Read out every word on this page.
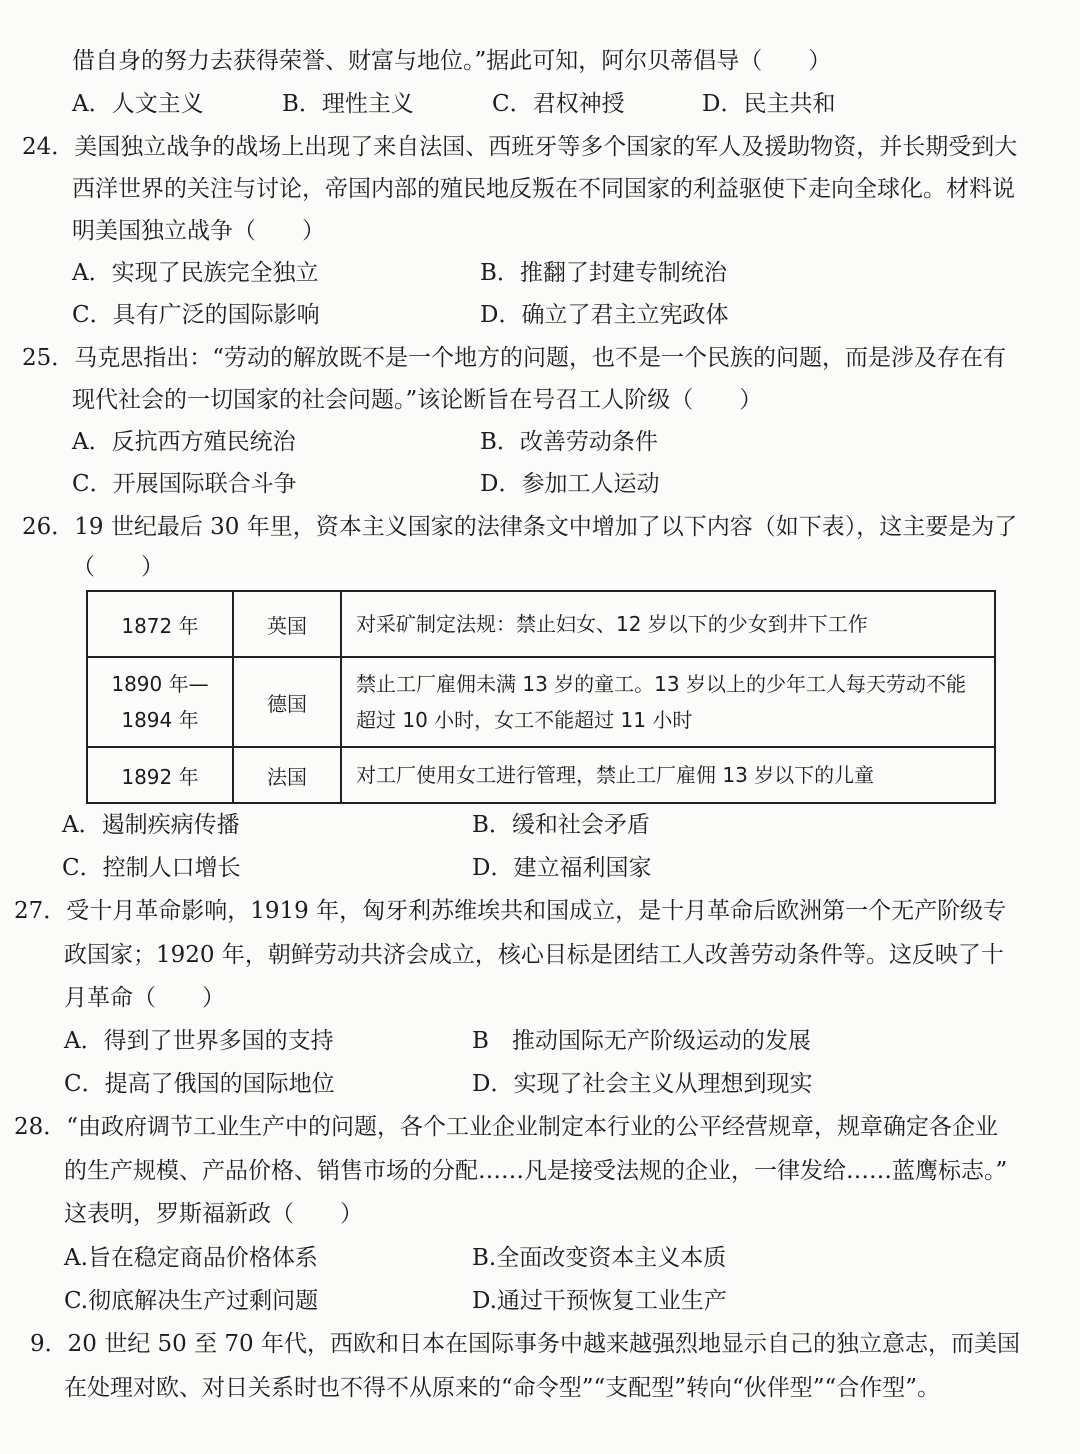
借自身的努力去获得荣誉、财富与地位。”据此可知，阿尔贝蒂倡导（　　）
A．人文主义	B．理性主义	C．君权神授	D．民主共和
24．美国独立战争的战场上出现了来自法国、西班牙等多个国家的军人及援助物资，并长期受到大
西洋世界的关注与讨论，帝国内部的殖民地反叛在不同国家的利益驱使下走向全球化。材料说
明美国独立战争（　　）
A．实现了民族完全独立	B．推翻了封建专制统治
C．具有广泛的国际影响	D．确立了君主立宪政体
25．马克思指出：“劳动的解放既不是一个地方的问题，也不是一个民族的问题，而是涉及存在有
现代社会的一切国家的社会问题。”该论断旨在号召工人阶级（　　）
A．反抗西方殖民统治	B．改善劳动条件
C．开展国际联合斗争	D．参加工人运动
26．19 世纪最后 30 年里，资本主义国家的法律条文中增加了以下内容（如下表），这主要是为了
（　　）
1872 年	英国	对采矿制定法规：禁止妇女、12 岁以下的少女到井下工作
1890 年—1894 年	德国	禁止工厂雇佣未满 13 岁的童工。13 岁以上的少年工人每天劳动不能超过 10 小时，女工不能超过 11 小时
1892 年	法国	对工厂使用女工进行管理，禁止工厂雇佣 13 岁以下的儿童
A．遏制疾病传播	B．缓和社会矛盾
C．控制人口增长	D．建立福利国家
27．受十月革命影响，1919 年，匈牙利苏维埃共和国成立，是十月革命后欧洲第一个无产阶级专
政国家；1920 年，朝鲜劳动共济会成立，核心目标是团结工人改善劳动条件等。这反映了十
月革命（　　）
A．得到了世界多国的支持	B　推动国际无产阶级运动的发展
C．提高了俄国的国际地位	D．实现了社会主义从理想到现实
28．“由政府调节工业生产中的问题，各个工业企业制定本行业的公平经营规章，规章确定各企业
的生产规模、产品价格、销售市场的分配……凡是接受法规的企业，一律发给……蓝鹰标志。”
这表明，罗斯福新政（　　）
A.旨在稳定商品价格体系	B.全面改变资本主义本质
C.彻底解决生产过剩问题	D.通过干预恢复工业生产
9．20 世纪 50 至 70 年代，西欧和日本在国际事务中越来越强烈地显示自己的独立意志，而美国
在处理对欧、对日关系时也不得不从原来的“命令型”“支配型”转向“伙伴型”“合作型”。
